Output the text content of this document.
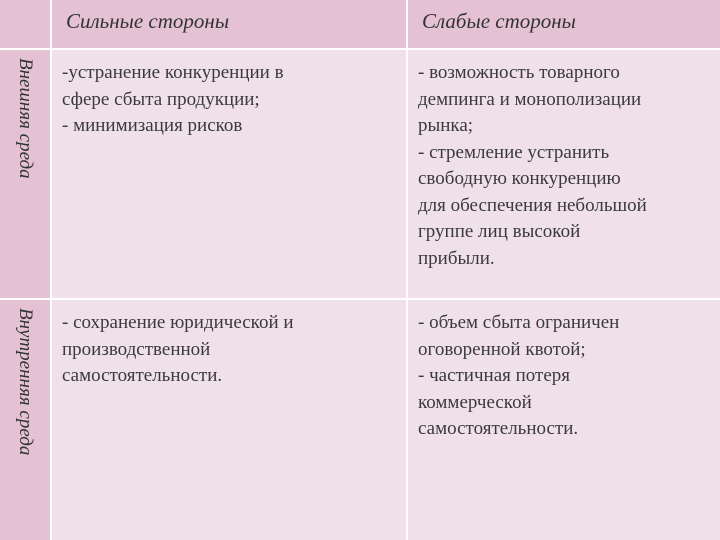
Сильные стороны	Слабые стороны
Внешняя среда -устранение конкуренции в
сфере сбыта продукции;
- минимизация рисков
- возможность товарного
демпинга и монополизации
рынка;
- стремление устранить
свободную конкуренцию
для обеспечения небольшой
группе лиц высокой
прибыли.
Внутренняя среда - сохранение юридической и
производственной
самостоятельности.
- объем сбыта ограничен
оговоренной квотой;
- частичная потеря
коммерческой
самостоятельности.
